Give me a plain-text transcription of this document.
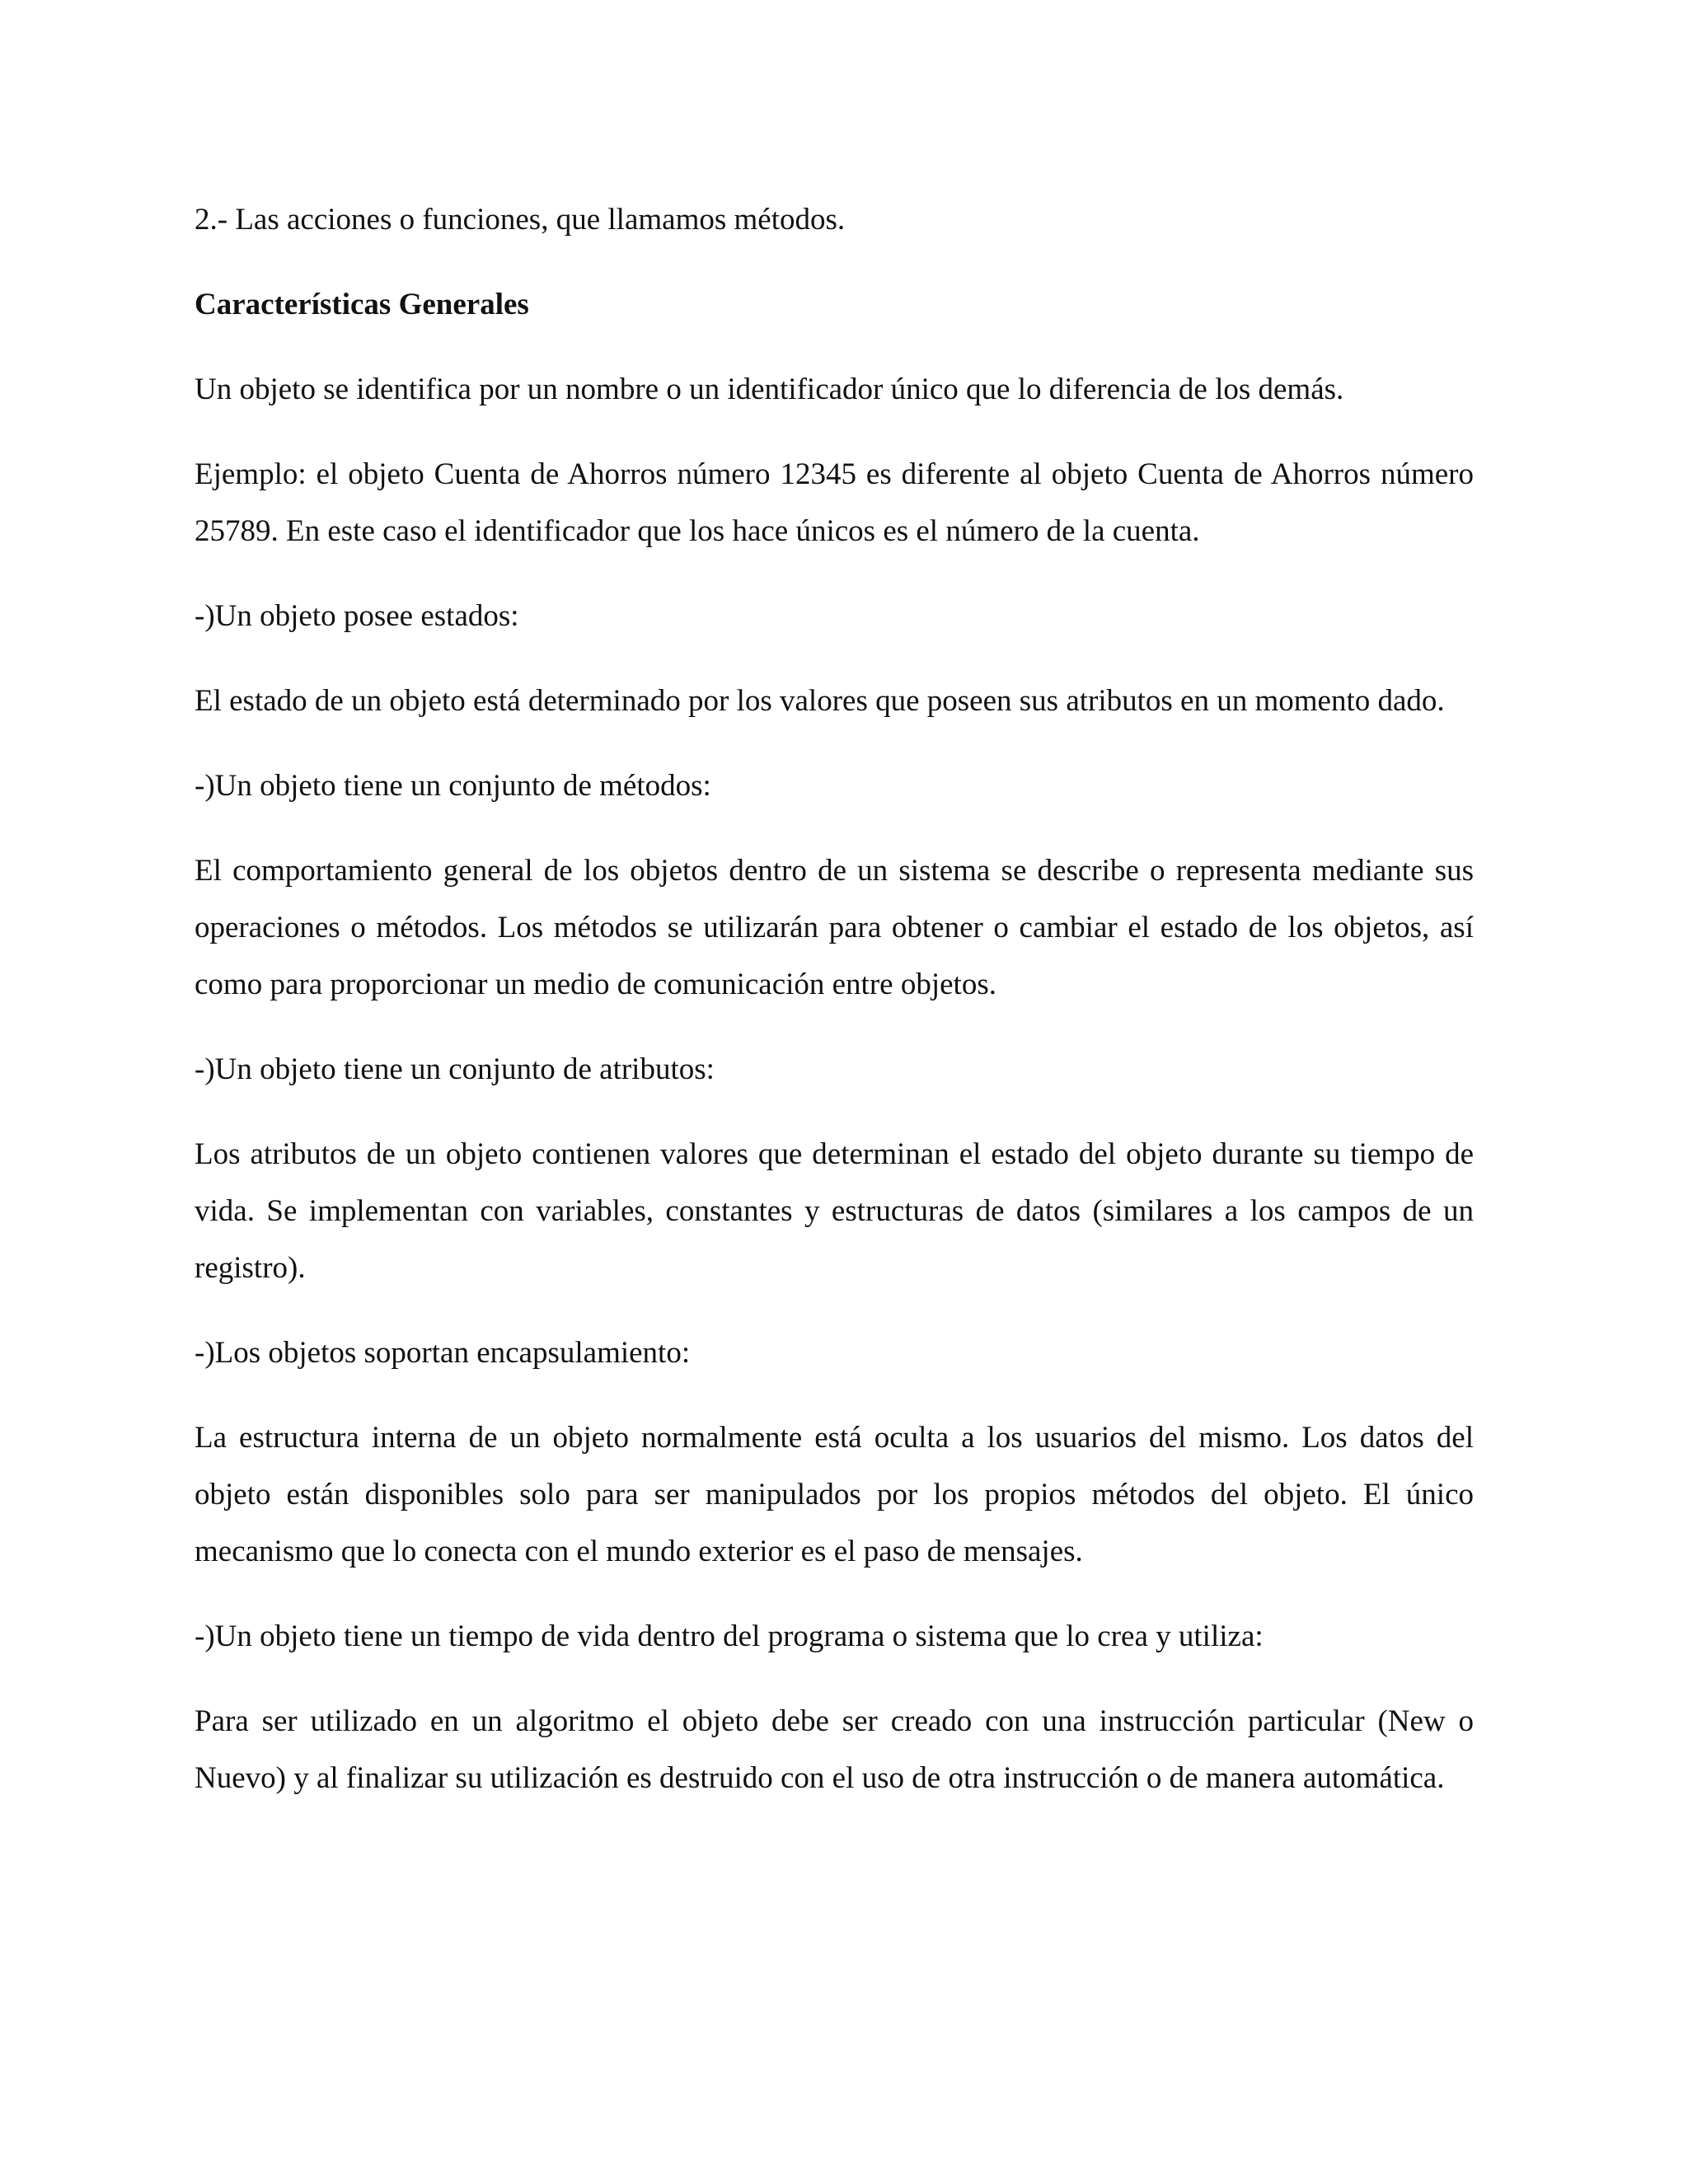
2.- Las acciones o funciones, que llamamos métodos.

Características Generales

Un objeto se identifica por un nombre o un identificador único que lo diferencia de los demás.

Ejemplo: el objeto Cuenta de Ahorros número 12345 es diferente al objeto Cuenta de Ahorros número 25789. En este caso el identificador que los hace únicos es el número de la cuenta.

-)Un objeto posee estados:

El estado de un objeto está determinado por los valores que poseen sus atributos en un momento dado.

-)Un objeto tiene un conjunto de métodos:

El comportamiento general de los objetos dentro de un sistema se describe o representa mediante sus operaciones o métodos. Los métodos se utilizarán para obtener o cambiar el estado de los objetos, así como para proporcionar un medio de comunicación entre objetos.

-)Un objeto tiene un conjunto de atributos:

Los atributos de un objeto contienen valores que determinan el estado del objeto durante su tiempo de vida. Se implementan con variables, constantes y estructuras de datos (similares a los campos de un registro).

-)Los objetos soportan encapsulamiento:

La estructura interna de un objeto normalmente está oculta a los usuarios del mismo. Los datos del objeto están disponibles solo para ser manipulados por los propios métodos del objeto. El único mecanismo que lo conecta con el mundo exterior es el paso de mensajes.

-)Un objeto tiene un tiempo de vida dentro del programa o sistema que lo crea y utiliza:

Para ser utilizado en un algoritmo el objeto debe ser creado con una instrucción particular (New o Nuevo) y al finalizar su utilización es destruido con el uso de otra instrucción o de manera automática.
